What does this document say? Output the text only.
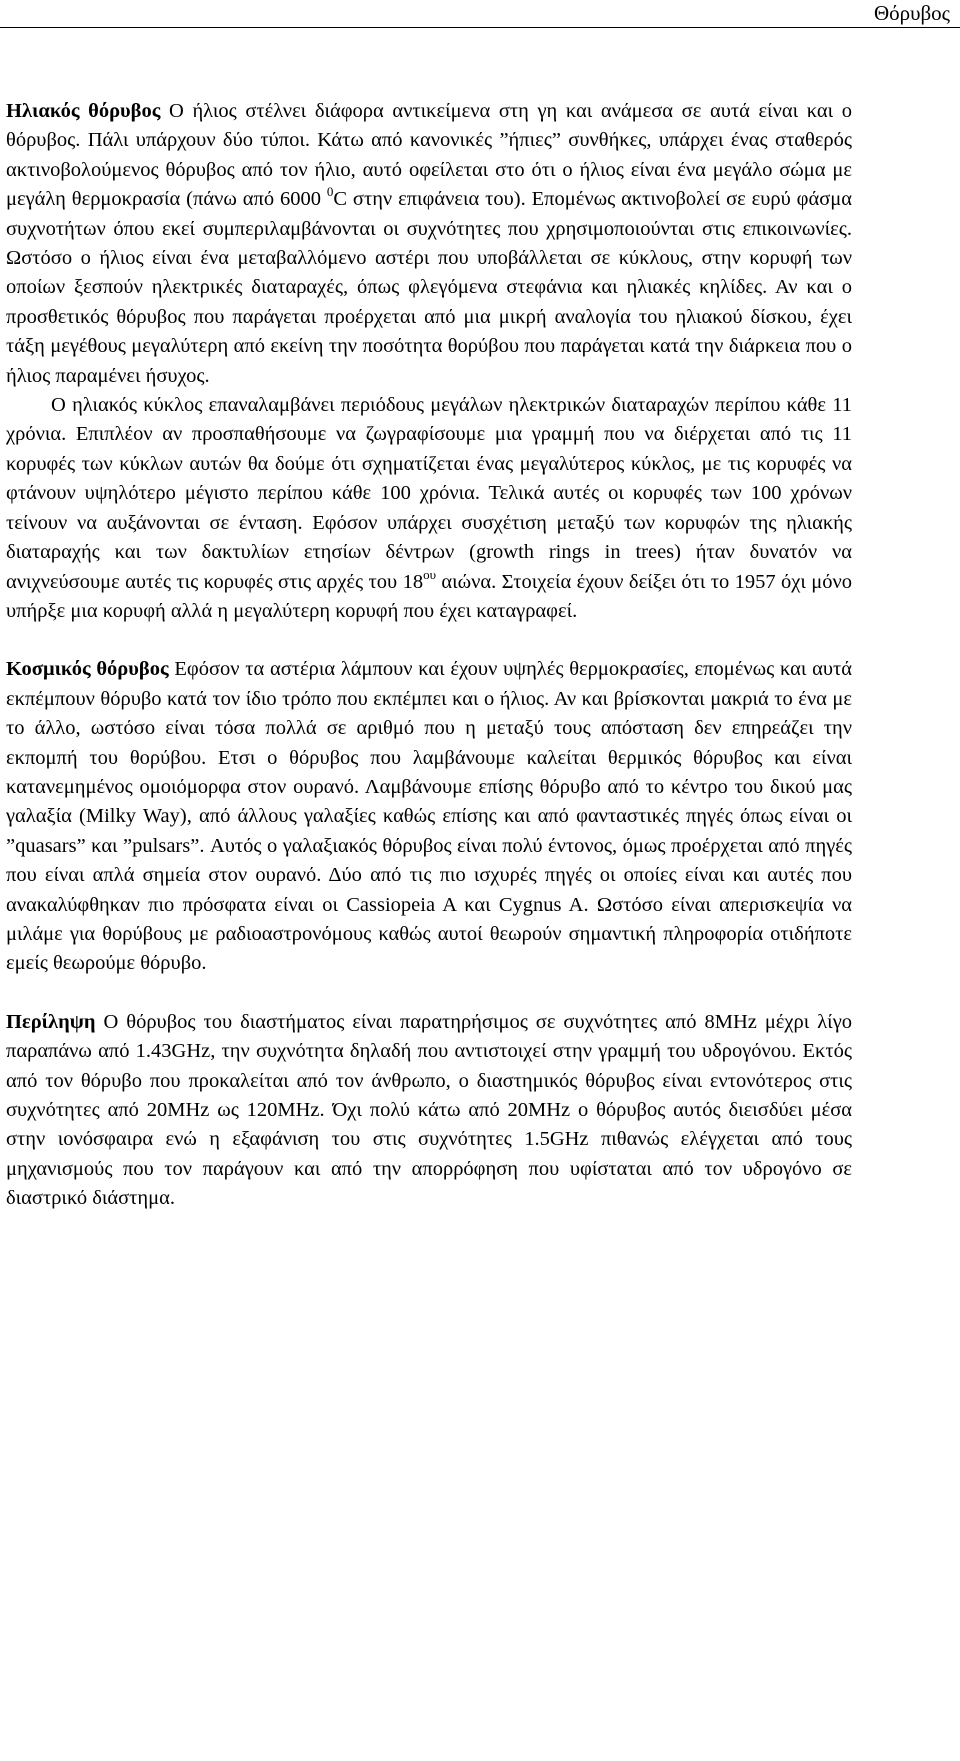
Θόρυβος

Ηλιακός θόρυβος Ο ήλιος στέλνει διάφορα αντικείμενα στη γη και ανάμεσα σε αυτά είναι και ο θόρυβος. Πάλι υπάρχουν δύο τύποι. Κάτω από κανονικές ”ήπιες” συνθήκες, υπάρχει ένας σταθερός ακτινοβολούμενος θόρυβος από τον ήλιο, αυτό οφείλεται στο ότι ο ήλιος είναι ένα μεγάλο σώμα με μεγάλη θερμοκρασία (πάνω από 6000 $^0$C στην επιφάνεια του). Επομένως ακτινοβολεί σε ευρύ φάσμα συχνοτήτων όπου εκεί συμπεριλαμβάνονται οι συχνότητες που χρησιμοποιούνται στις επικοινωνίες. Ωστόσο ο ήλιος είναι ένα μεταβαλλόμενο αστέρι που υποβάλλεται σε κύκλους, στην κορυφή των οποίων ξεσπούν ηλεκτρικές διαταραχές, όπως φλεγόμενα στεφάνια και ηλιακές κηλίδες. Αν και ο προσθετικός θόρυβος που παράγεται προέρχεται από μια μικρή αναλογία του ηλιακού δίσκου, έχει τάξη μεγέθους μεγαλύτερη από εκείνη την ποσότητα θορύβου που παράγεται κατά την διάρκεια που ο ήλιος παραμένει ήσυχος.
Ο ηλιακός κύκλος επαναλαμβάνει περιόδους μεγάλων ηλεκτρικών διαταραχών περίπου κάθε 11 χρόνια. Επιπλέον αν προσπαθήσουμε να ζωγραφίσουμε μια γραμμή που να διέρχεται από τις 11 κορυφές των κύκλων αυτών θα δούμε ότι σχηματίζεται ένας μεγαλύτερος κύκλος, με τις κορυφές να φτάνουν υψηλότερο μέγιστο περίπου κάθε 100 χρόνια. Τελικά αυτές οι κορυφές των 100 χρόνων τείνουν να αυξάνονται σε ένταση. Εφόσον υπάρχει συσχέτιση μεταξύ των κορυφών της ηλιακής διαταραχής και των δακτυλίων ετησίων δέντρων (growth rings in trees) ήταν δυνατόν να ανιχνεύσουμε αυτές τις κορυφές στις αρχές του $18^{o\upsilon}$ αιώνα. Στοιχεία έχουν δείξει ότι το 1957 όχι μόνο υπήρξε μια κορυφή αλλά η μεγαλύτερη κορυφή που έχει καταγραφεί.

Κοσμικός θόρυβος Εφόσον τα αστέρια λάμπουν και έχουν υψηλές θερμοκρασίες, επομένως και αυτά εκπέμπουν θόρυβο κατά τον ίδιο τρόπο που εκπέμπει και ο ήλιος. Αν και βρίσκονται μακριά το ένα με το άλλο, ωστόσο είναι τόσα πολλά σε αριθμό που η μεταξύ τους απόσταση δεν επηρεάζει την εκπομπή του θορύβου. Ετσι ο θόρυβος που λαμβάνουμε καλείται θερμικός θόρυβος και είναι κατανεμημένος ομοιόμορφα στον ουρανό. Λαμβάνουμε επίσης θόρυβο από το κέντρο του δικού μας γαλαξία (Milky Way), από άλλους γαλαξίες καθώς επίσης και από φανταστικές πηγές όπως είναι οι ”quasars” και ”pulsars”. Αυτός ο γαλαξιακός θόρυβος είναι πολύ έντονος, όμως προέρχεται από πηγές που είναι απλά σημεία στον ουρανό. Δύο από τις πιο ισχυρές πηγές οι οποίες είναι και αυτές που ανακαλύφθηκαν πιο πρόσφατα είναι οι Cassiopeia A και Cygnus A. Ωστόσο είναι απερισκεψία να μιλάμε για θορύβους με ραδιοαστρονόμους καθώς αυτοί θεωρούν σημαντική πληροφορία οτιδήποτε εμείς θεωρούμε θόρυβο.

Περίληψη Ο θόρυβος του διαστήματος είναι παρατηρήσιμος σε συχνότητες από 8MHz μέχρι λίγο παραπάνω από 1.43GHz, την συχνότητα δηλαδή που αντιστοιχεί στην γραμμή του υδρογόνου. Εκτός από τον θόρυβο που προκαλείται από τον άνθρωπο, ο διαστημικός θόρυβος είναι εντονότερος στις συχνότητες από 20MHz ως 120MHz. Όχι πολύ κάτω από 20MHz ο θόρυβος αυτός διεισδύει μέσα στην ιονόσφαιρα ενώ η εξαφάνιση του στις συχνότητες 1.5GHz πιθανώς ελέγχεται από τους μηχανισμούς που τον παράγουν και από την απορρόφηση που υφίσταται από τον υδρογόνο σε διαστρικό διάστημα.
